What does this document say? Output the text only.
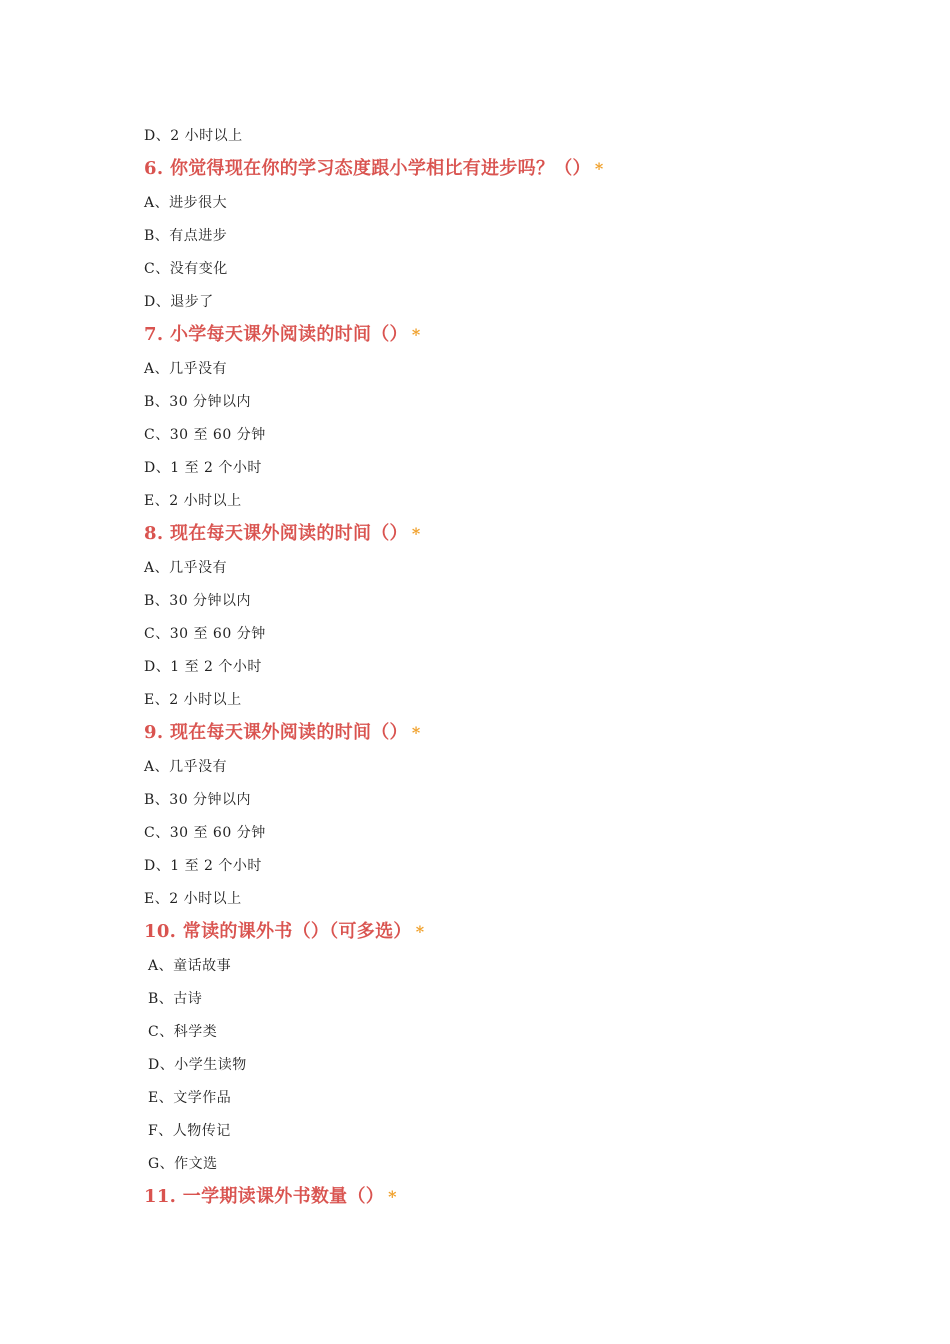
D、2 小时以上
6. 你觉得现在你的学习态度跟小学相比有进步吗？（） *
A、进步很大
B、有点进步
C、没有变化
D、退步了
7. 小学每天课外阅读的时间（） *
A、几乎没有
B、30 分钟以内
C、30 至 60 分钟
D、1 至 2 个小时
E、2 小时以上
8. 现在每天课外阅读的时间（） *
A、几乎没有
B、30 分钟以内
C、30 至 60 分钟
D、1 至 2 个小时
E、2 小时以上
9. 现在每天课外阅读的时间（） *
A、几乎没有
B、30 分钟以内
C、30 至 60 分钟
D、1 至 2 个小时
E、2 小时以上
10. 常读的课外书（）（可多选） *
A、童话故事
B、古诗
C、科学类
D、小学生读物
E、文学作品
F、人物传记
G、作文选
11. 一学期读课外书数量（） *
